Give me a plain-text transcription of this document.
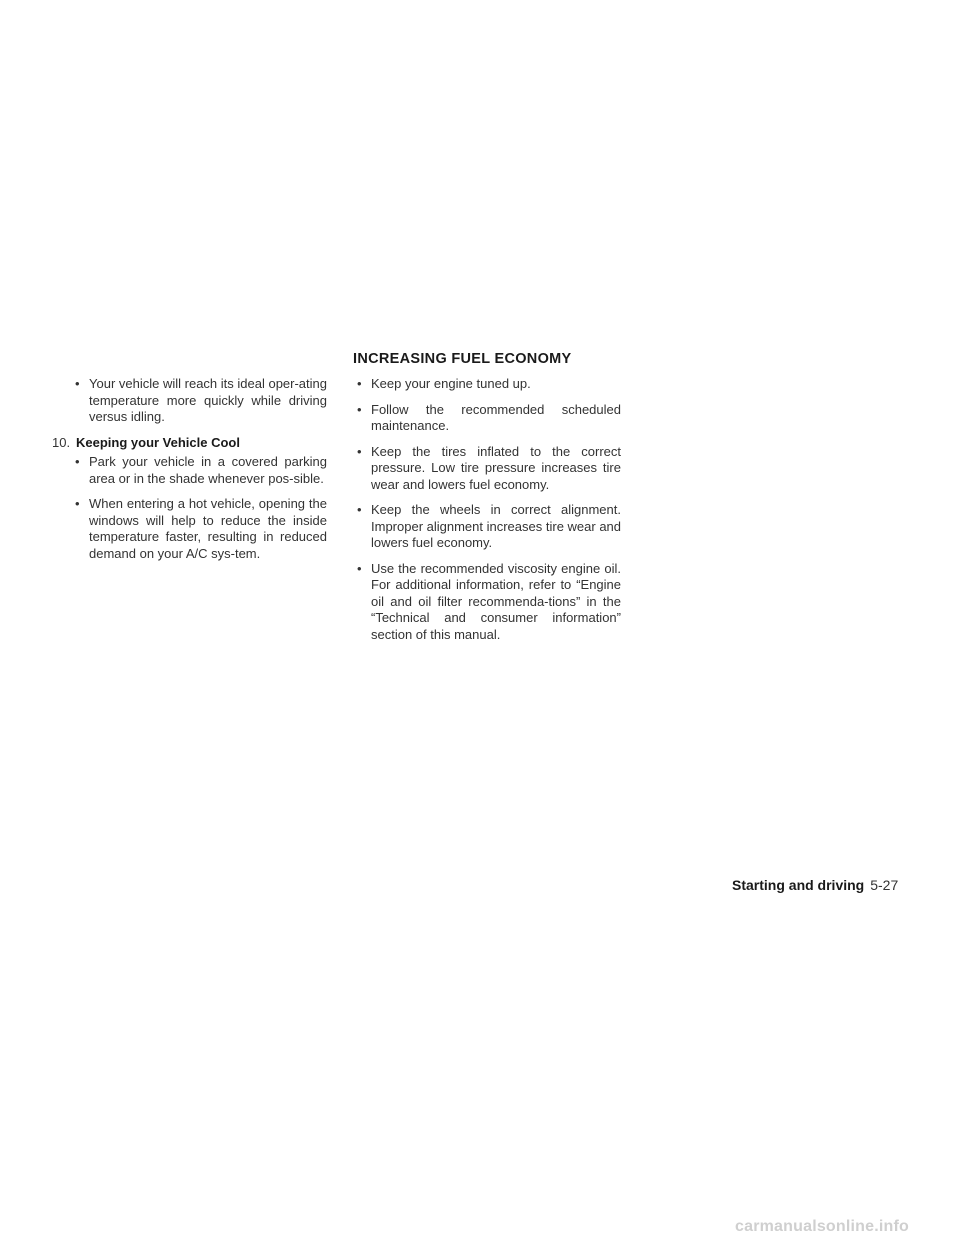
INCREASING FUEL ECONOMY
• Your vehicle will reach its ideal oper-ating temperature more quickly while driving versus idling.
10. Keeping your Vehicle Cool
• Park your vehicle in a covered parking area or in the shade whenever pos-sible.
• When entering a hot vehicle, opening the windows will help to reduce the inside temperature faster, resulting in reduced demand on your A/C sys-tem.
• Keep your engine tuned up.
• Follow the recommended scheduled maintenance.
• Keep the tires inflated to the correct pressure. Low tire pressure increases tire wear and lowers fuel economy.
• Keep the wheels in correct alignment. Improper alignment increases tire wear and lowers fuel economy.
• Use the recommended viscosity engine oil. For additional information, refer to “Engine oil and oil filter recommenda-tions” in the “Technical and consumer information” section of this manual.
Starting and driving 5-27
carmanualsonline.info
